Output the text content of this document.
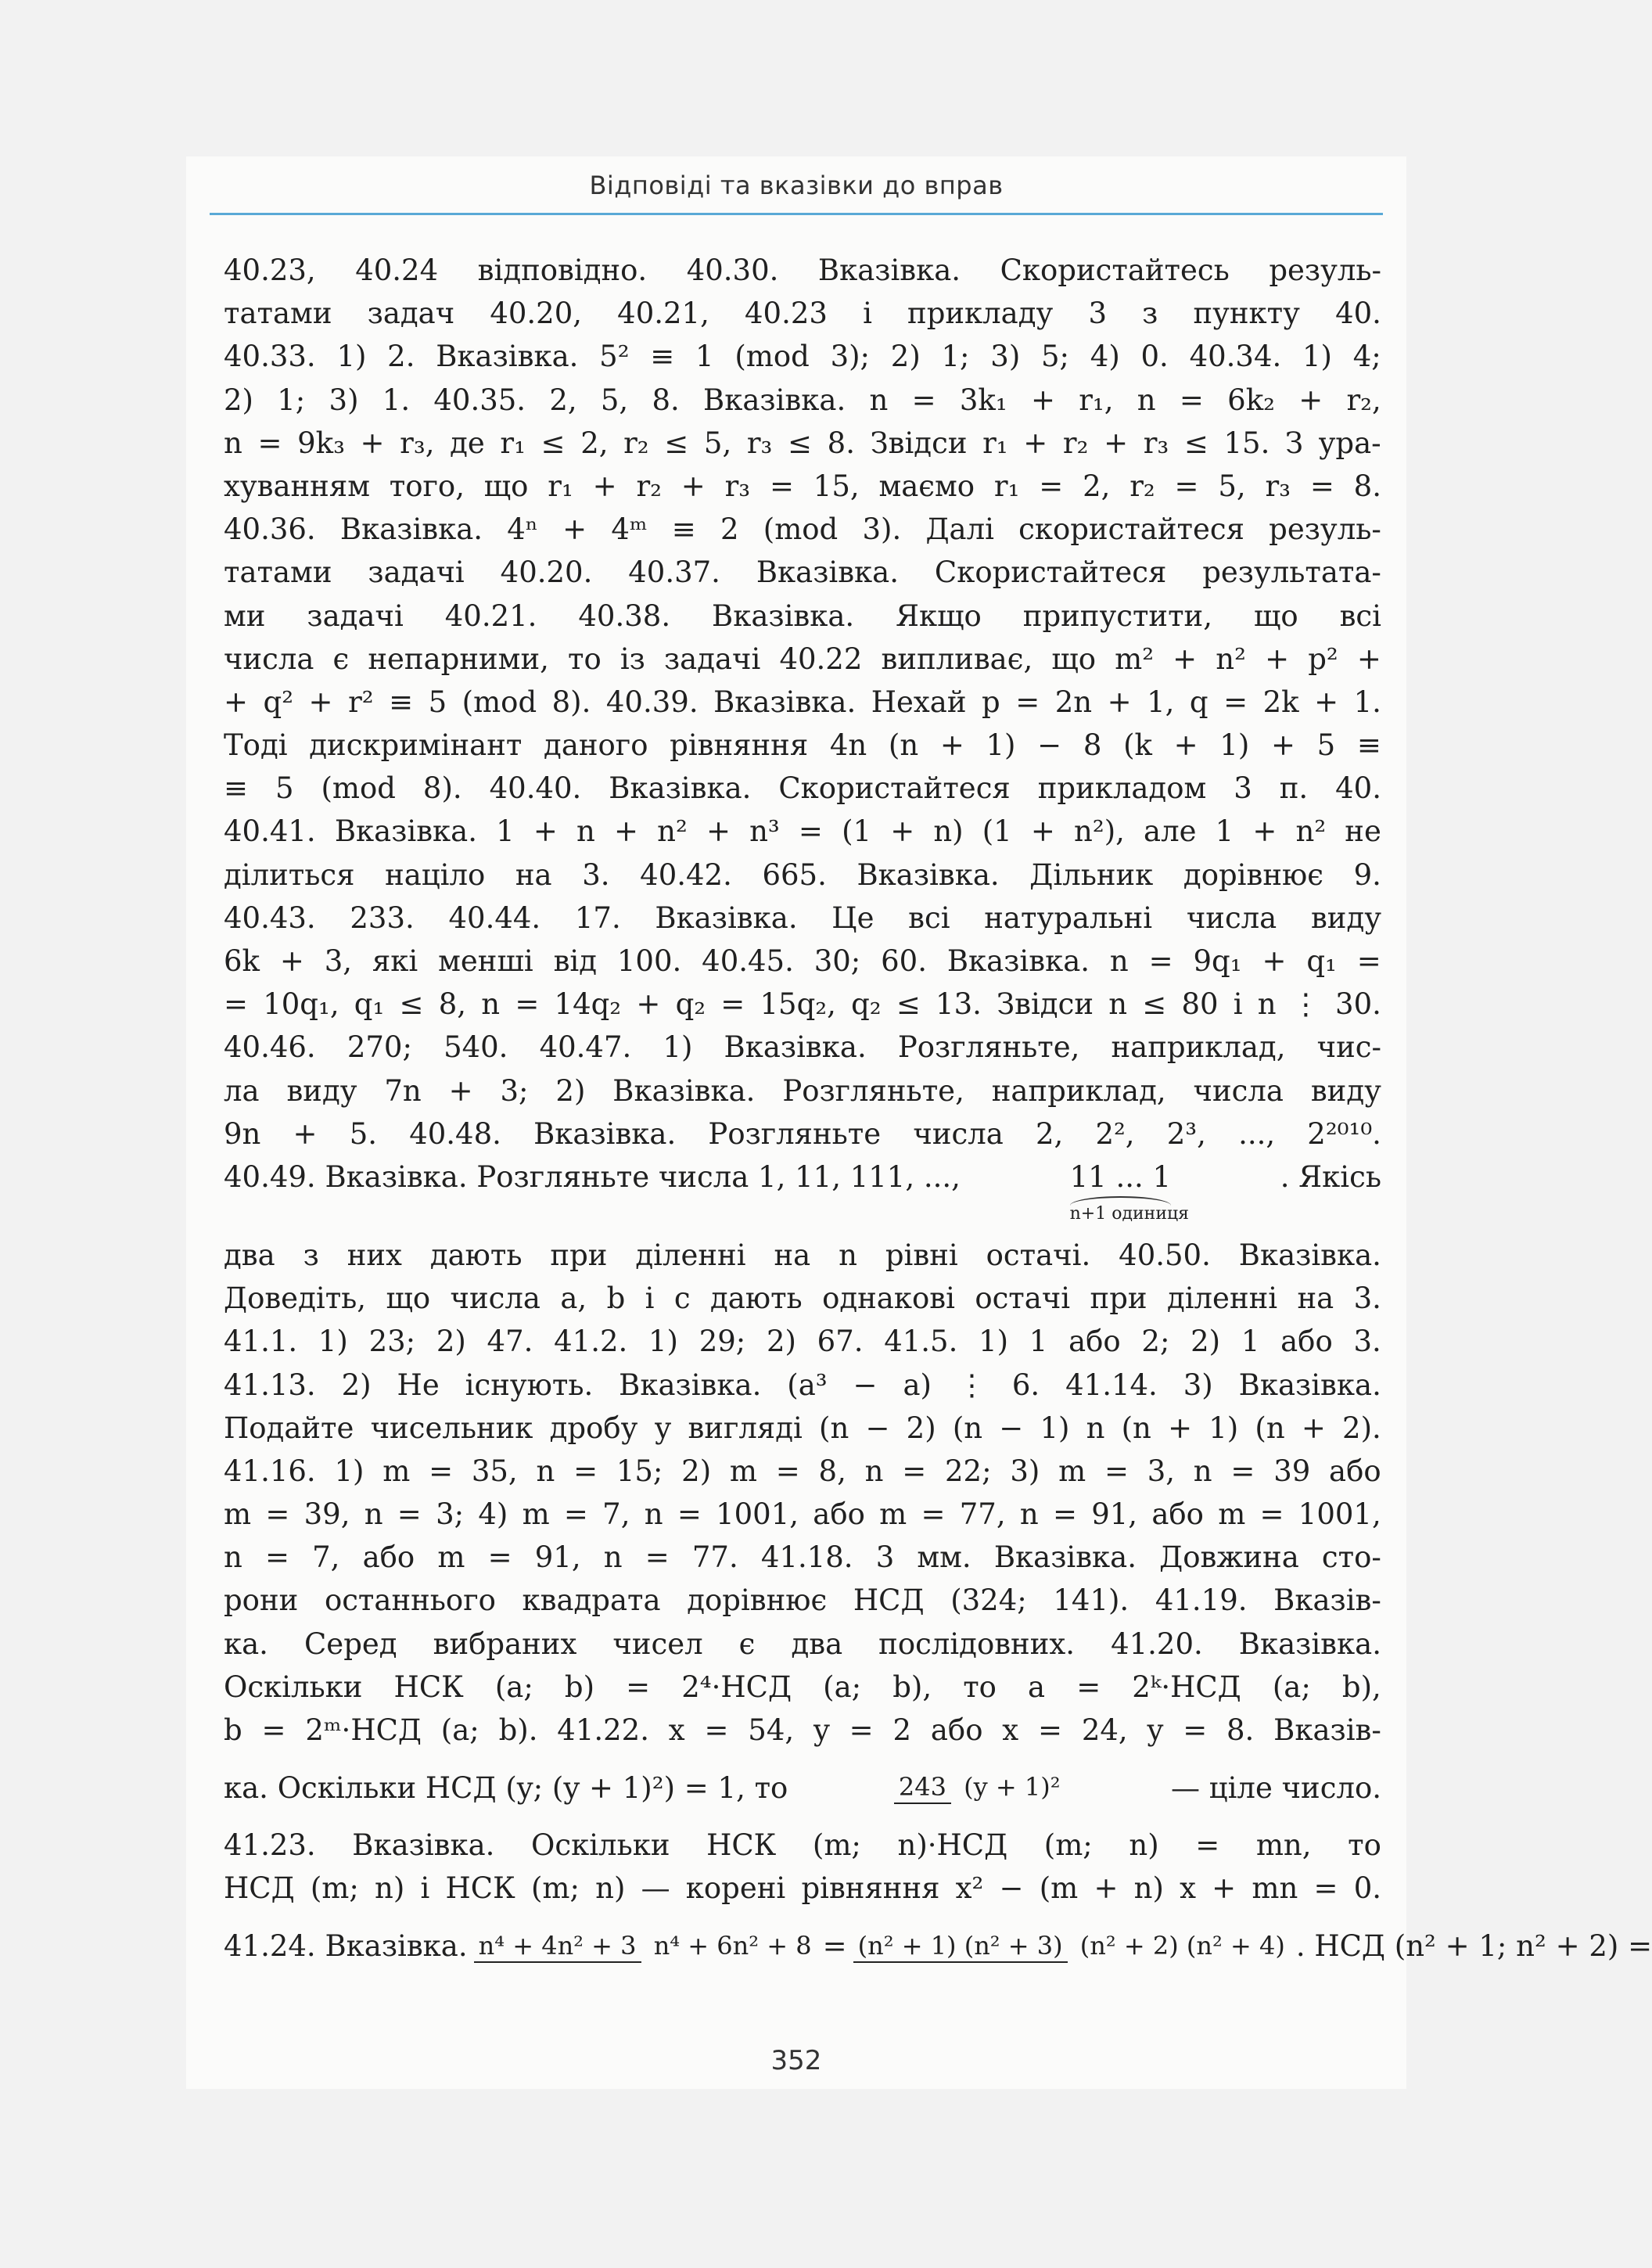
Відповіді та вказівки до вправ
40.23, 40.24 відповідно. 40.30. Вказівка. Скористайтесь резуль-
татами задач 40.20, 40.21, 40.23 і прикладу 3 з пункту 40.
40.33. 1) 2. Вказівка. 5² ≡ 1 (mod 3); 2) 1; 3) 5; 4) 0. 40.34. 1) 4;
2) 1; 3) 1. 40.35. 2, 5, 8. Вказівка. n = 3k₁ + r₁, n = 6k₂ + r₂,
n = 9k₃ + r₃, де r₁ ≤ 2, r₂ ≤ 5, r₃ ≤ 8. Звідси r₁ + r₂ + r₃ ≤ 15. З ура-
хуванням того, що r₁ + r₂ + r₃ = 15, маємо r₁ = 2, r₂ = 5, r₃ = 8.
40.36. Вказівка. 4ⁿ + 4ᵐ ≡ 2 (mod 3). Далі скористайтеся резуль-
татами задачі 40.20. 40.37. Вказівка. Скористайтеся результата-
ми задачі 40.21. 40.38. Вказівка. Якщо припустити, що всі
числа є непарними, то із задачі 40.22 випливає, що m² + n² + p² +
+ q² + r² ≡ 5 (mod 8). 40.39. Вказівка. Нехай p = 2n + 1, q = 2k + 1.
Тоді дискримінант даного рівняння 4n (n + 1) − 8 (k + 1) + 5 ≡
≡ 5 (mod 8). 40.40. Вказівка. Скористайтеся прикладом 3 п. 40.
40.41. Вказівка. 1 + n + n² + n³ = (1 + n) (1 + n²), але 1 + n² не
ділиться націло на 3. 40.42. 665. Вказівка. Дільник дорівнює 9.
40.43. 233. 40.44. 17. Вказівка. Це всі натуральні числа виду
6k + 3, які менші від 100. 40.45. 30; 60. Вказівка. n = 9q₁ + q₁ =
= 10q₁, q₁ ≤ 8, n = 14q₂ + q₂ = 15q₂, q₂ ≤ 13. Звідси n ≤ 80 і n ⋮ 30.
40.46. 270; 540. 40.47. 1) Вказівка. Розгляньте, наприклад, чис-
ла виду 7n + 3; 2) Вказівка. Розгляньте, наприклад, числа виду
9n + 5. 40.48. Вказівка. Розгляньте числа 2, 2², 2³, ..., 2²⁰¹⁰.
40.49. Вказівка. Розгляньте числа 1, 11, 111, ...,	11 ... 1
n+1 одиниця
. Якісь
два з них дають при діленні на n рівні остачі. 40.50. Вказівка.
Доведіть, що числа a, b і c дають однакові остачі при діленні на 3.
41.1. 1) 23; 2) 47. 41.2. 1) 29; 2) 67. 41.5. 1) 1 або 2; 2) 1 або 3.
41.13. 2) Не існують. Вказівка. (a³ − a) ⋮ 6. 41.14. 3) Вказівка.
Подайте чисельник дробу у вигляді (n − 2) (n − 1) n (n + 1) (n + 2).
41.16. 1) m = 35, n = 15; 2) m = 8, n = 22; 3) m = 3, n = 39 або
m = 39, n = 3; 4) m = 7, n = 1001, або m = 77, n = 91, або m = 1001,
n = 7, або m = 91, n = 77. 41.18. 3 мм. Вказівка. Довжина сто-
рони останнього квадрата дорівнює НСД (324; 141). 41.19. Вказів-
ка. Серед вибраних чисел є два послідовних. 41.20. Вказівка.
Оскільки НСК (a; b) = 2⁴·НСД (a; b), то a = 2ᵏ·НСД (a; b),
b = 2ᵐ·НСД (a; b). 41.22. x = 54, y = 2 або x = 24, y = 8. Вказів-
ка. Оскільки НСД (y; (y + 1)²) = 1, то	243 (y + 1)²	— ціле число.
41.23. Вказівка. Оскільки НСК (m; n)·НСД (m; n) = mn, то
НСД (m; n) і НСК (m; n) — корені рівняння x² − (m + n) x + mn = 0.
41.24. Вказівка. n⁴ + 4n² + 3 n⁴ + 6n² + 8 = (n² + 1) (n² + 3) (n² + 2) (n² + 4) . НСД (n² + 1; n² + 2) =
352
